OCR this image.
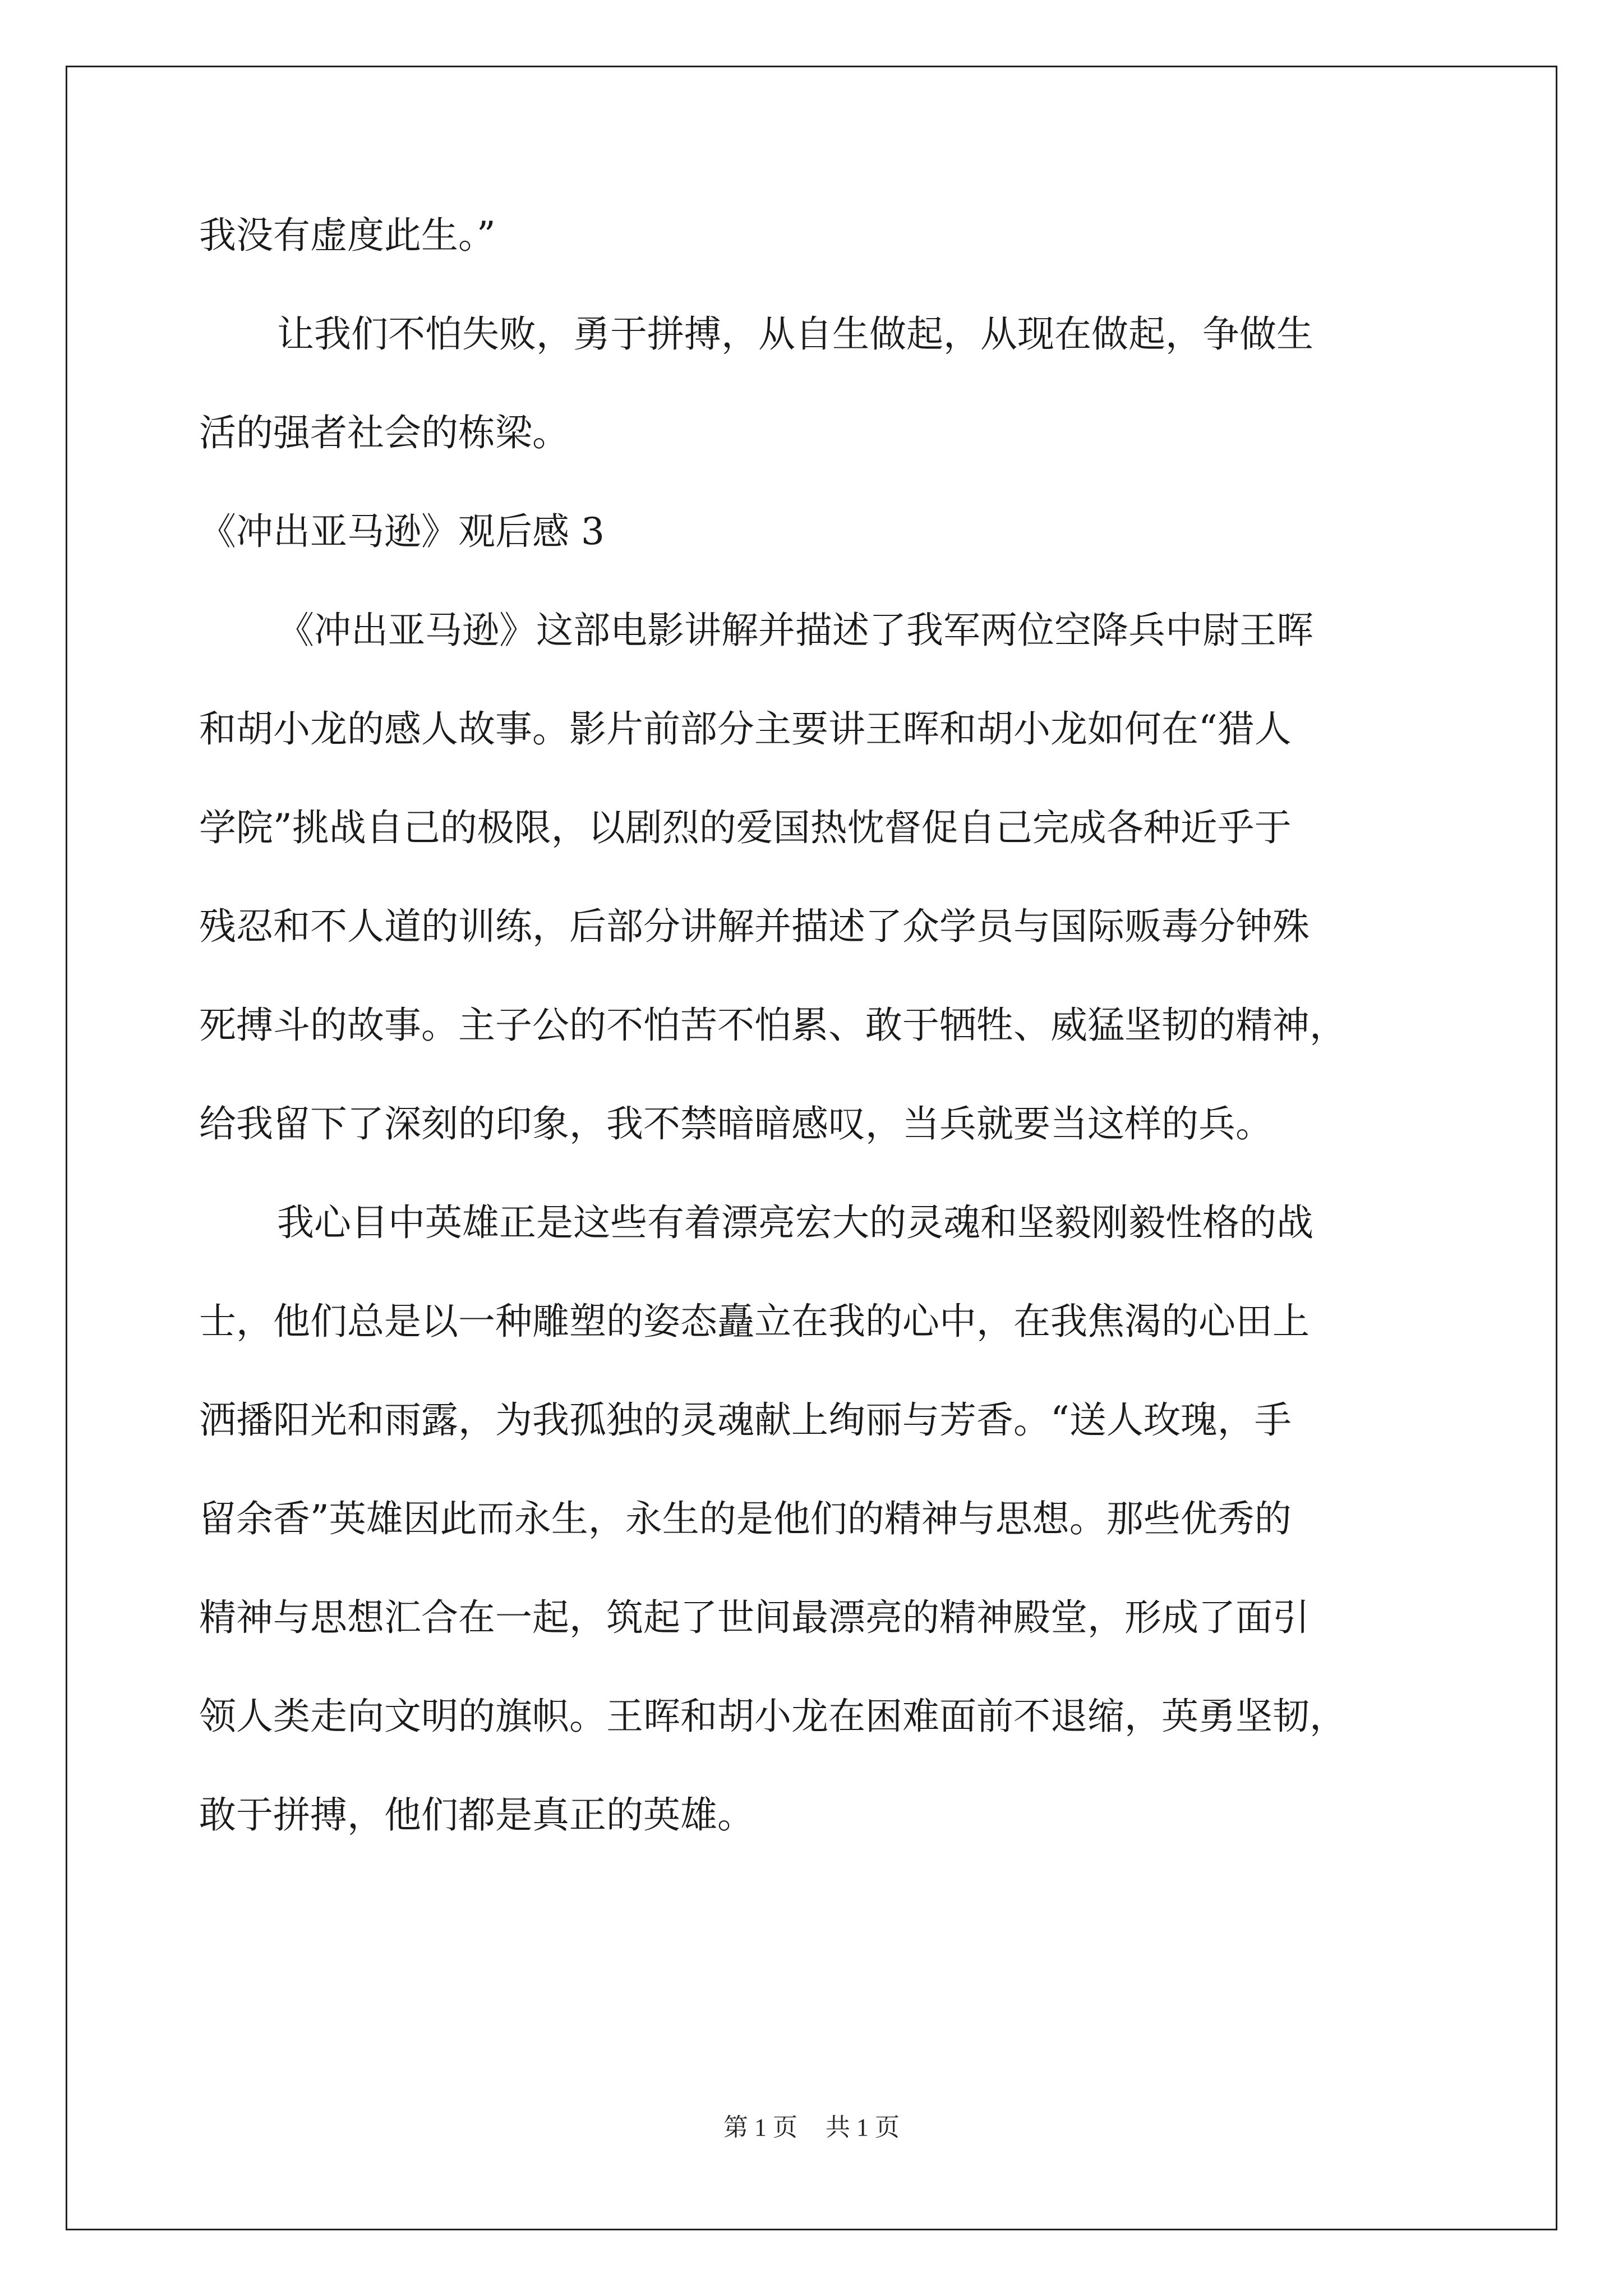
我没有虚度此生。”
让我们不怕失败，勇于拼搏，从自生做起，从现在做起，争做生
活的强者社会的栋梁。
《冲出亚马逊》观后感 3
《冲出亚马逊》这部电影讲解并描述了我军两位空降兵中尉王晖
和胡小龙的感人故事。影片前部分主要讲王晖和胡小龙如何在“猎人
学院”挑战自己的极限，以剧烈的爱国热忱督促自己完成各种近乎于
残忍和不人道的训练，后部分讲解并描述了众学员与国际贩毒分钟殊
死搏斗的故事。主子公的不怕苦不怕累、敢于牺牲、威猛坚韧的精神，
给我留下了深刻的印象，我不禁暗暗感叹，当兵就要当这样的兵。
我心目中英雄正是这些有着漂亮宏大的灵魂和坚毅刚毅性格的战
士，他们总是以一种雕塑的姿态矗立在我的心中，在我焦渴的心田上
洒播阳光和雨露，为我孤独的灵魂献上绚丽与芳香。“送人玫瑰，手
留余香”英雄因此而永生，永生的是他们的精神与思想。那些优秀的
精神与思想汇合在一起，筑起了世间最漂亮的精神殿堂，形成了面引
领人类走向文明的旗帜。王晖和胡小龙在困难面前不退缩，英勇坚韧，
敢于拼搏，他们都是真正的英雄。
第 1 页 共 1 页
